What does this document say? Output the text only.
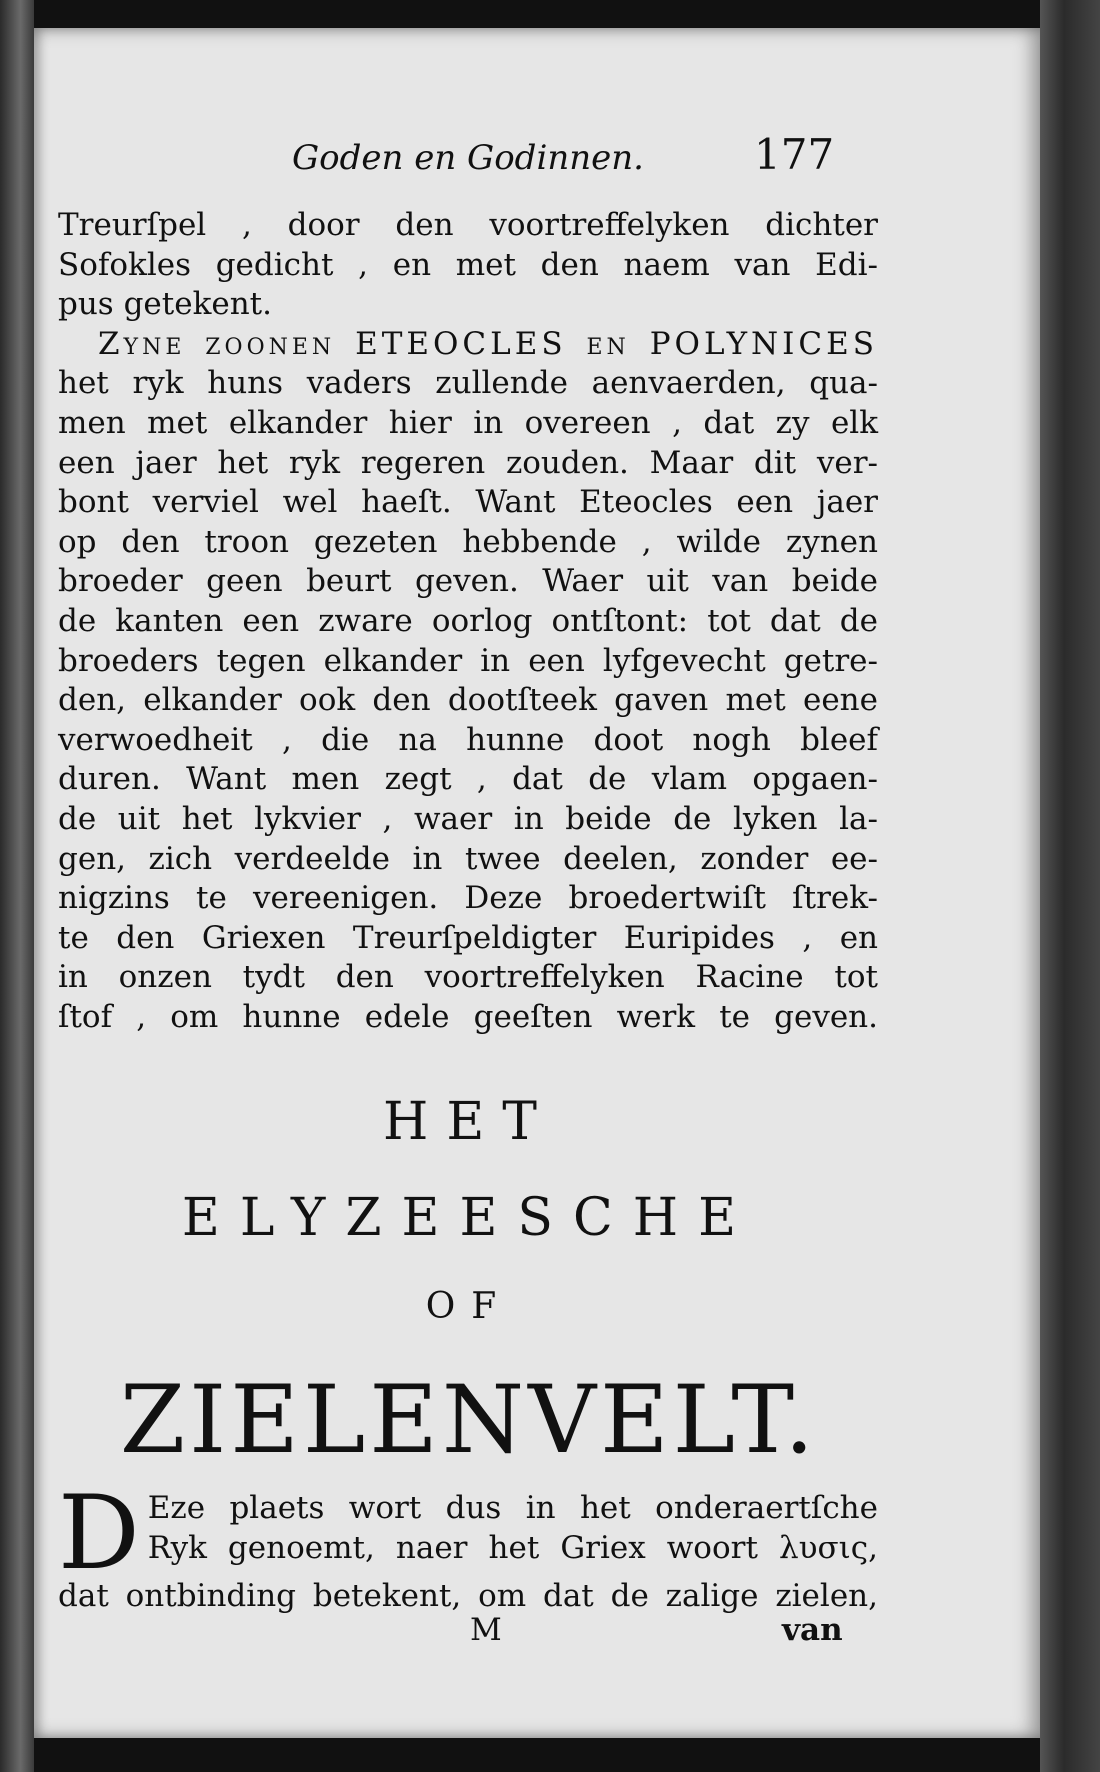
Goden en Godinnen.	177
Treurſpel , door den voortreffelyken dichter
Sofokles gedicht , en met den naem van Edi-
pus getekent.
Zyne zoonen ETEOCLES en POLYNICES
het ryk huns vaders zullende aenvaerden, qua-
men met elkander hier in overeen , dat zy elk
een jaer het ryk regeren zouden. Maar dit ver-
bont verviel wel haeſt. Want Eteocles een jaer
op den troon gezeten hebbende , wilde zynen
broeder geen beurt geven. Waer uit van beide
de kanten een zware oorlog ontſtont: tot dat de
broeders tegen elkander in een lyfgevecht getre-
den, elkander ook den dootſteek gaven met eene
verwoedheit , die na hunne doot nogh bleef
duren. Want men zegt , dat de vlam opgaen-
de uit het lykvier , waer in beide de lyken la-
gen, zich verdeelde in twee deelen, zonder ee-
nigzins te vereenigen. Deze broedertwiſt ſtrek-
te den Griexen Treurſpeldigter Euripides , en
in onzen tydt den voortreffelyken Racine tot
ſtof , om hunne edele geeſten werk te geven.
HET
ELYZEESCHE
OF
ZIELENVELT.
D Eze plaets wort dus in het onderaertſche
Ryk genoemt, naer het Griex woort λυσις,
dat ontbinding betekent, om dat de zalige zielen,
M	van
